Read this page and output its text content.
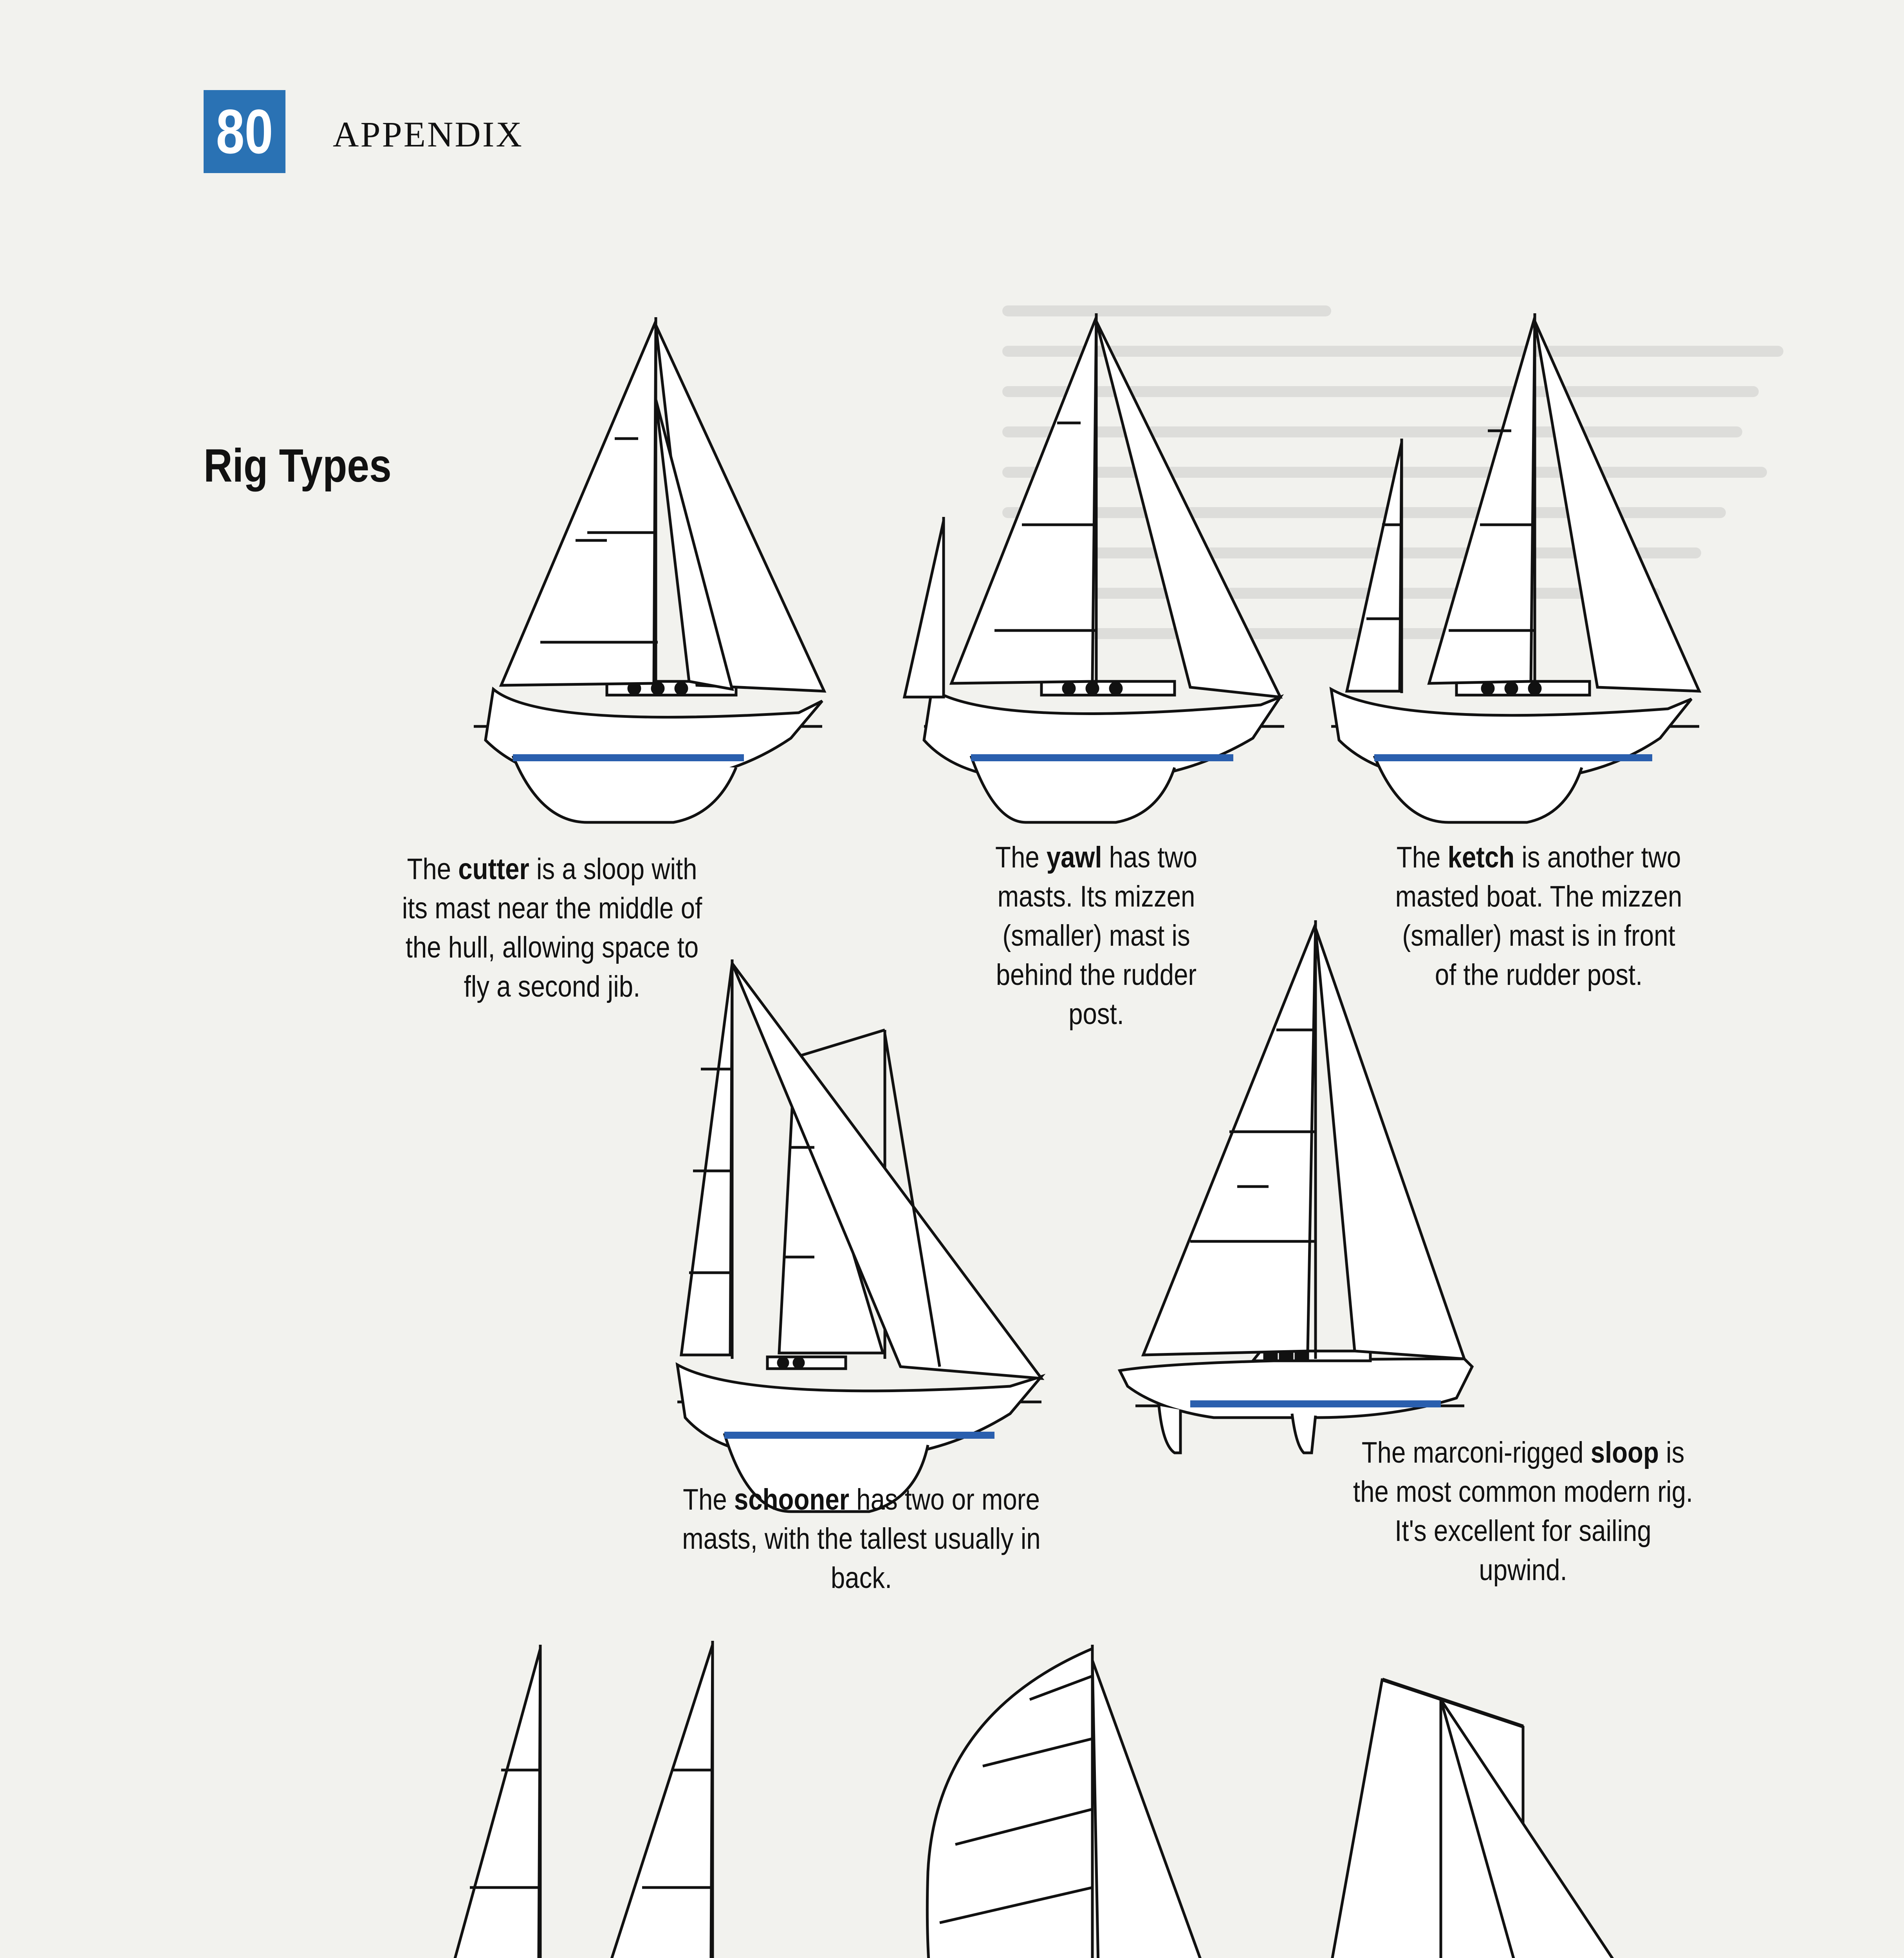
80	APPENDIX
Rig Types
The cutter is a sloop with its mast near the middle of the hull, allowing space to fly a second jib.
The yawl has two masts. Its mizzen (smaller) mast is behind the rudder post.
The ketch is another two masted boat. The mizzen (smaller) mast is in front of the rudder post.
The schooner has two or more masts, with the tallest usually in back.
The marconi-rigged sloop is the most common modern rig. It's excellent for sailing upwind.
